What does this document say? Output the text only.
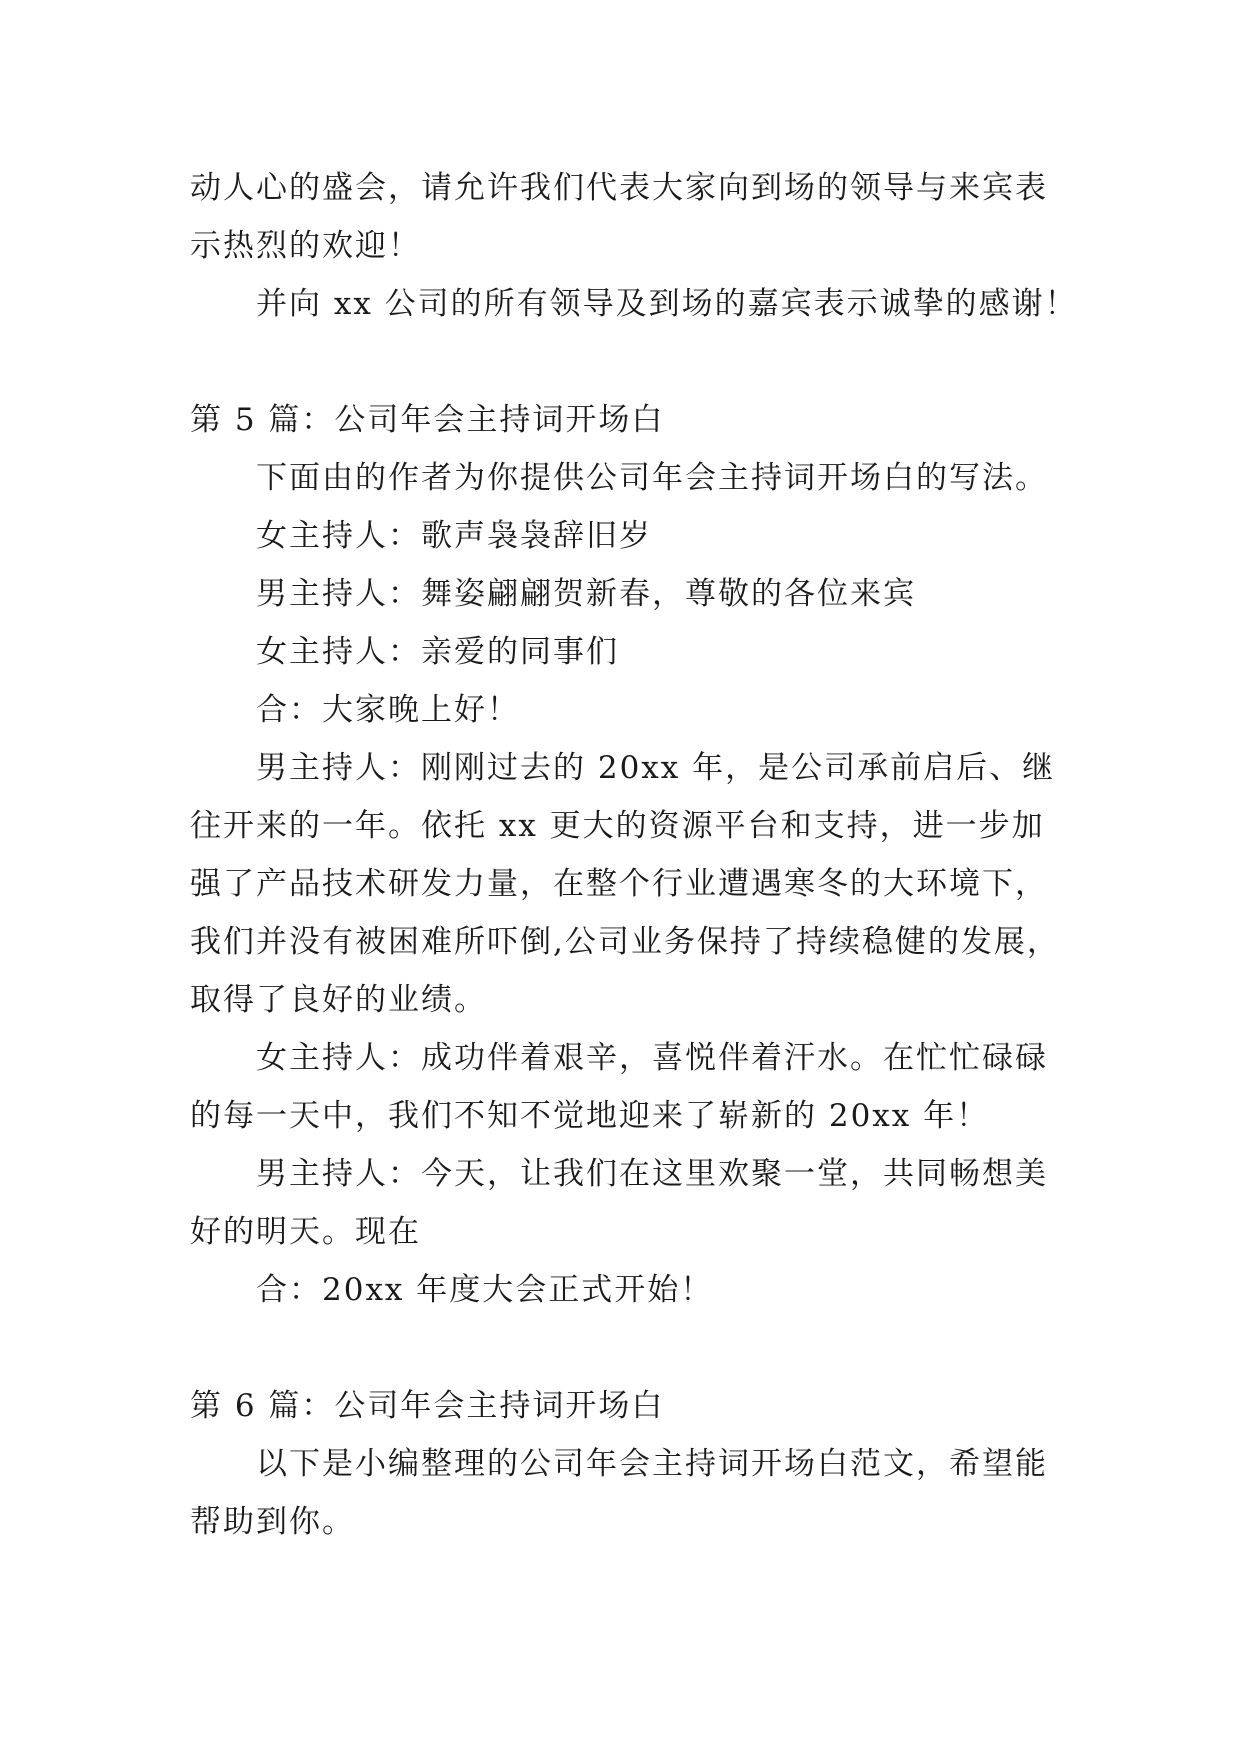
动人心的盛会，请允许我们代表大家向到场的领导与来宾表
示热烈的欢迎！
并向 xx 公司的所有领导及到场的嘉宾表示诚挚的感谢！
第 5 篇：公司年会主持词开场白
下面由的作者为你提供公司年会主持词开场白的写法。
女主持人：歌声袅袅辞旧岁
男主持人：舞姿翩翩贺新春，尊敬的各位来宾
女主持人：亲爱的同事们
合：大家晚上好！
男主持人：刚刚过去的 20xx 年，是公司承前启后、继
往开来的一年。依托 xx 更大的资源平台和支持，进一步加
强了产品技术研发力量，在整个行业遭遇寒冬的大环境下，
我们并没有被困难所吓倒,公司业务保持了持续稳健的发展，
取得了良好的业绩。
女主持人：成功伴着艰辛，喜悦伴着汗水。在忙忙碌碌
的每一天中，我们不知不觉地迎来了崭新的 20xx 年！
男主持人：今天，让我们在这里欢聚一堂，共同畅想美
好的明天。现在
合：20xx 年度大会正式开始！
第 6 篇：公司年会主持词开场白
以下是小编整理的公司年会主持词开场白范文，希望能
帮助到你。
